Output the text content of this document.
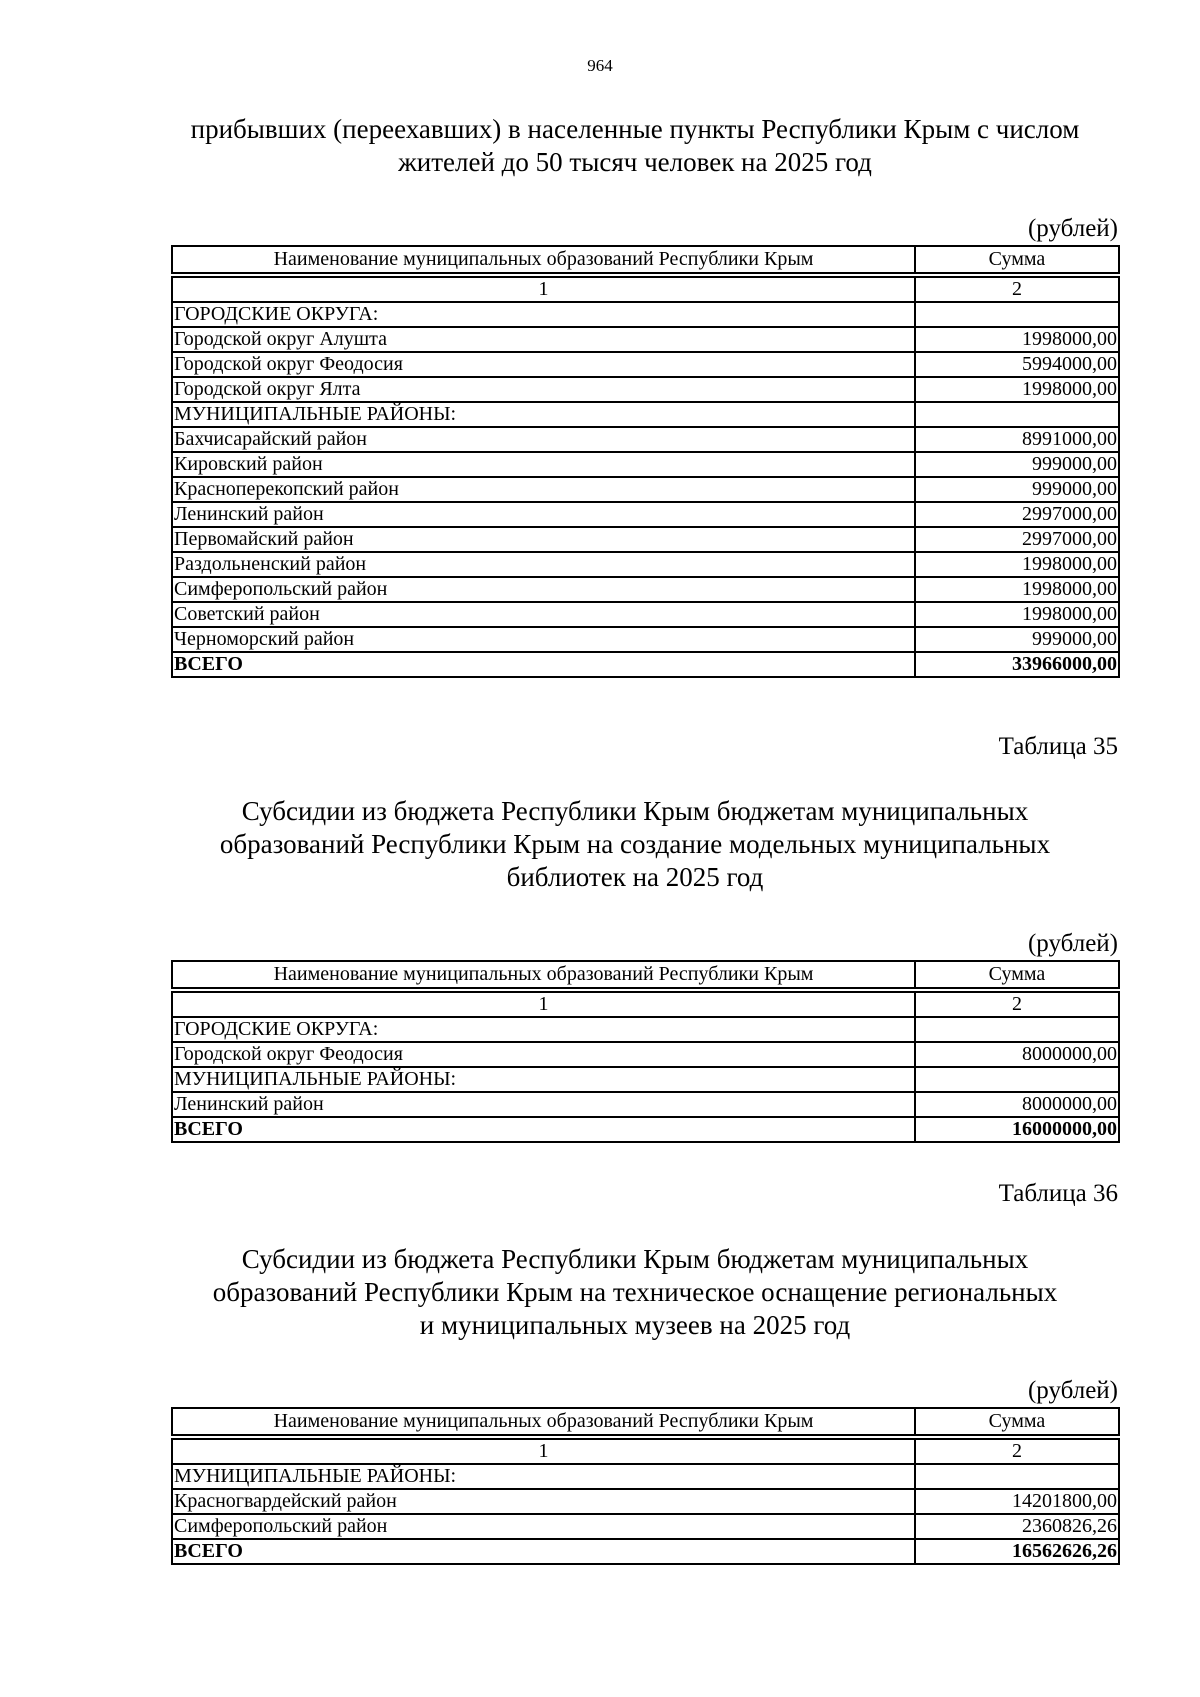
964
прибывших (переехавших) в населенные пункты Республики Крым с числом
жителей до 50 тысяч человек на 2025 год
(рублей)
Наименование муниципальных образований Республики Крым	Сумма

1	2
ГОРОДСКИЕ ОКРУГА:	
Городской округ Алушта	1998000,00
Городской округ Феодосия	5994000,00
Городской округ Ялта	1998000,00
МУНИЦИПАЛЬНЫЕ РАЙОНЫ:	
Бахчисарайский район	8991000,00
Кировский район	999000,00
Красноперекопский район	999000,00
Ленинский район	2997000,00
Первомайский район	2997000,00
Раздольненский район	1998000,00
Симферопольский район	1998000,00
Советский район	1998000,00
Черноморский район	999000,00
ВСЕГО	33966000,00
Таблица 35
Субсидии из бюджета Республики Крым бюджетам муниципальных
образований Республики Крым на создание модельных муниципальных
библиотек на 2025 год
(рублей)
Наименование муниципальных образований Республики Крым	Сумма

1	2
ГОРОДСКИЕ ОКРУГА:	
Городской округ Феодосия	8000000,00
МУНИЦИПАЛЬНЫЕ РАЙОНЫ:	
Ленинский район	8000000,00
ВСЕГО	16000000,00
Таблица 36
Субсидии из бюджета Республики Крым бюджетам муниципальных
образований Республики Крым на техническое оснащение региональных
и муниципальных музеев на 2025 год
(рублей)
Наименование муниципальных образований Республики Крым	Сумма

1	2
МУНИЦИПАЛЬНЫЕ РАЙОНЫ:	
Красногвардейский район	14201800,00
Симферопольский район	2360826,26
ВСЕГО	16562626,26
